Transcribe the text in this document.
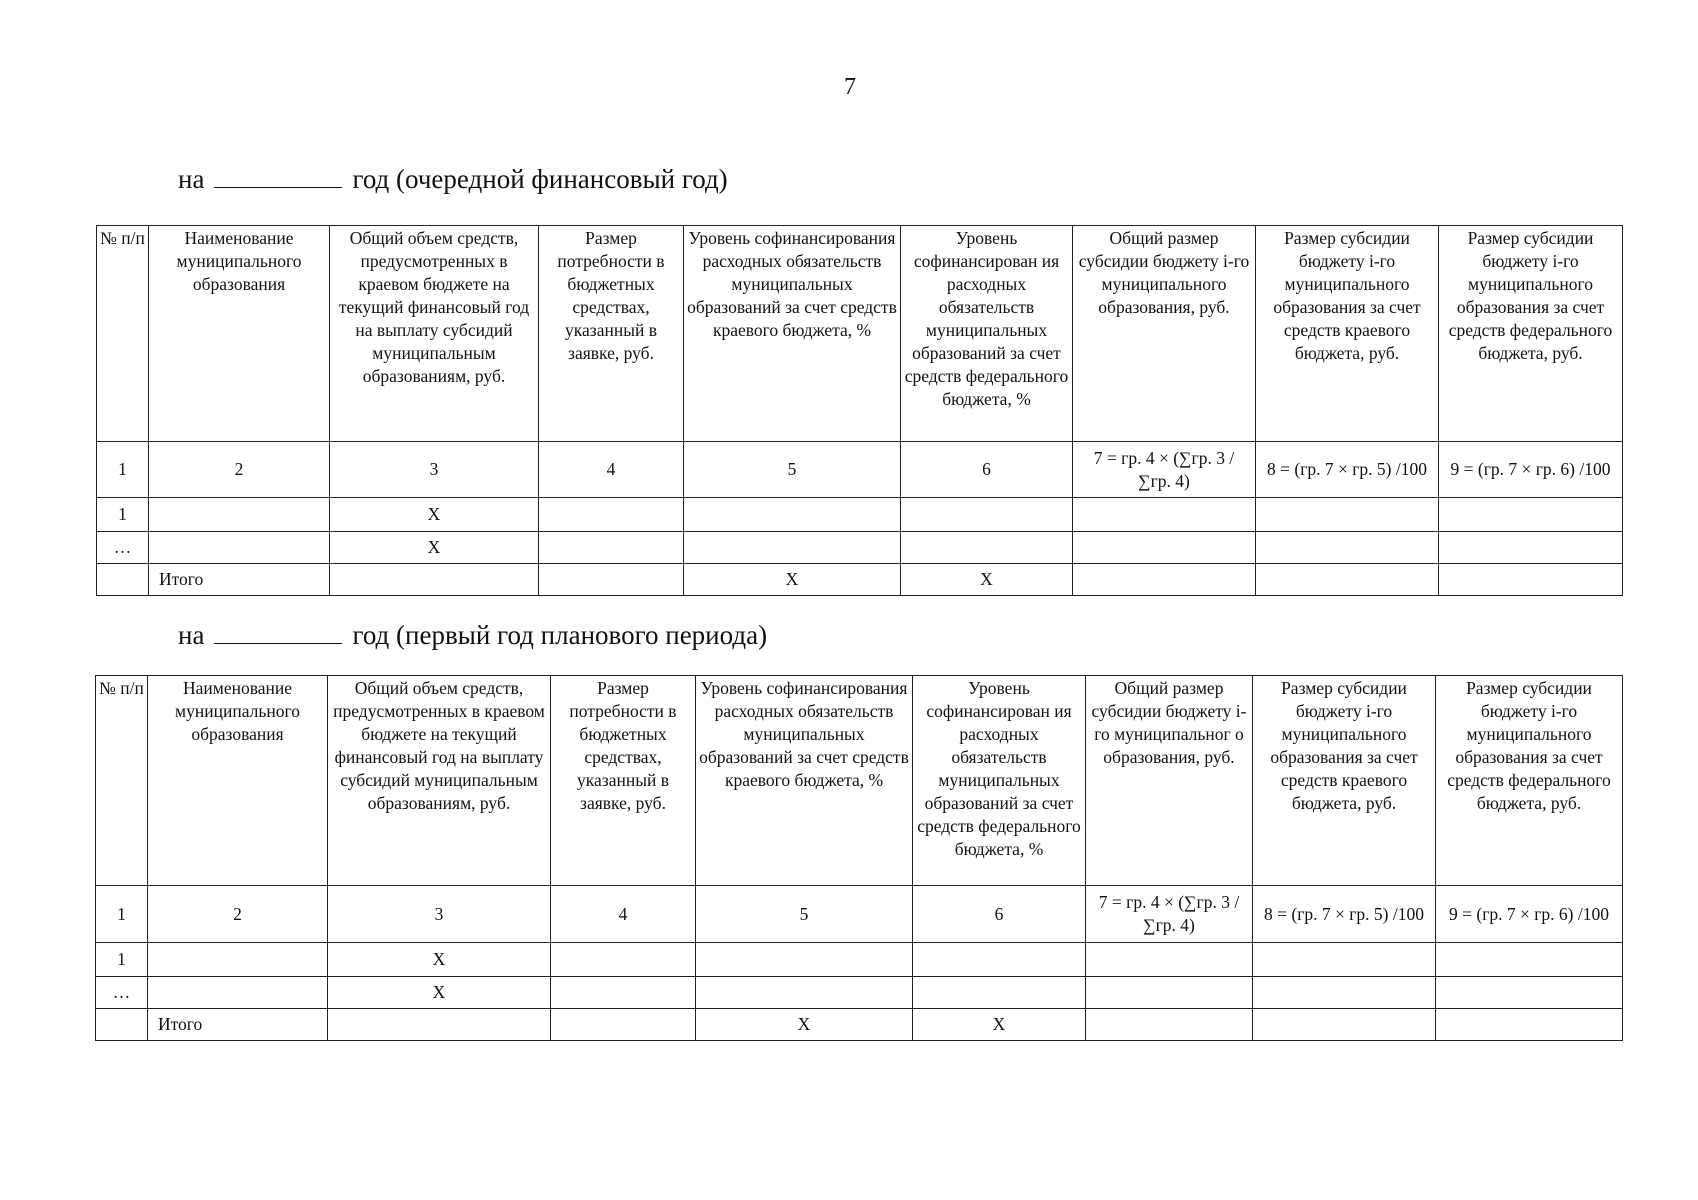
7
на	год (очередной финансовый год)
№ п/п	Наименование муниципального образования	Общий объем средств, предусмотренных в краевом бюджете на текущий финансовый год на выплату субсидий муниципальным образованиям, руб.	Размер потребности в бюджетных средствах, указанный в заявке, руб.	Уровень софинансирования расходных обязательств муниципальных образований за счет средств краевого бюджета, %	Уровень софинансирован ия расходных обязательств муниципальных образований за счет средств федерального бюджета, %	Общий размер субсидии бюджету i-го муниципального образования, руб.	Размер субсидии бюджету i-го муниципального образования за счет средств краевого бюджета, руб.	Размер субсидии бюджету i-го муниципального образования за счет средств федерального бюджета, руб.
1	2	3	4	5	6	7 = гр. 4 × (∑гр. 3 / ∑гр. 4)	8 = (гр. 7 × гр. 5) /100	9 = (гр. 7 × гр. 6) /100
1		Х						
…		Х						
	Итого			Х	Х			
на	год (первый год планового периода)
№ п/п	Наименование муниципального образования	Общий объем средств, предусмотренных в краевом бюджете на текущий финансовый год на выплату субсидий муниципальным образованиям, руб.	Размер потребности в бюджетных средствах, указанный в заявке, руб.	Уровень софинансирования расходных обязательств муниципальных образований за счет средств краевого бюджета, %	Уровень софинансирован ия расходных обязательств муниципальных образований за счет средств федерального бюджета, %	Общий размер субсидии бюджету i-го муниципальног о образования, руб.	Размер субсидии бюджету i-го муниципального образования за счет средств краевого бюджета, руб.	Размер субсидии бюджету i-го муниципального образования за счет средств федерального бюджета, руб.
1	2	3	4	5	6	7 = гр. 4 × (∑гр. 3 / ∑гр. 4)	8 = (гр. 7 × гр. 5) /100	9 = (гр. 7 × гр. 6) /100
1		Х						
…		Х						
	Итого			Х	Х			
